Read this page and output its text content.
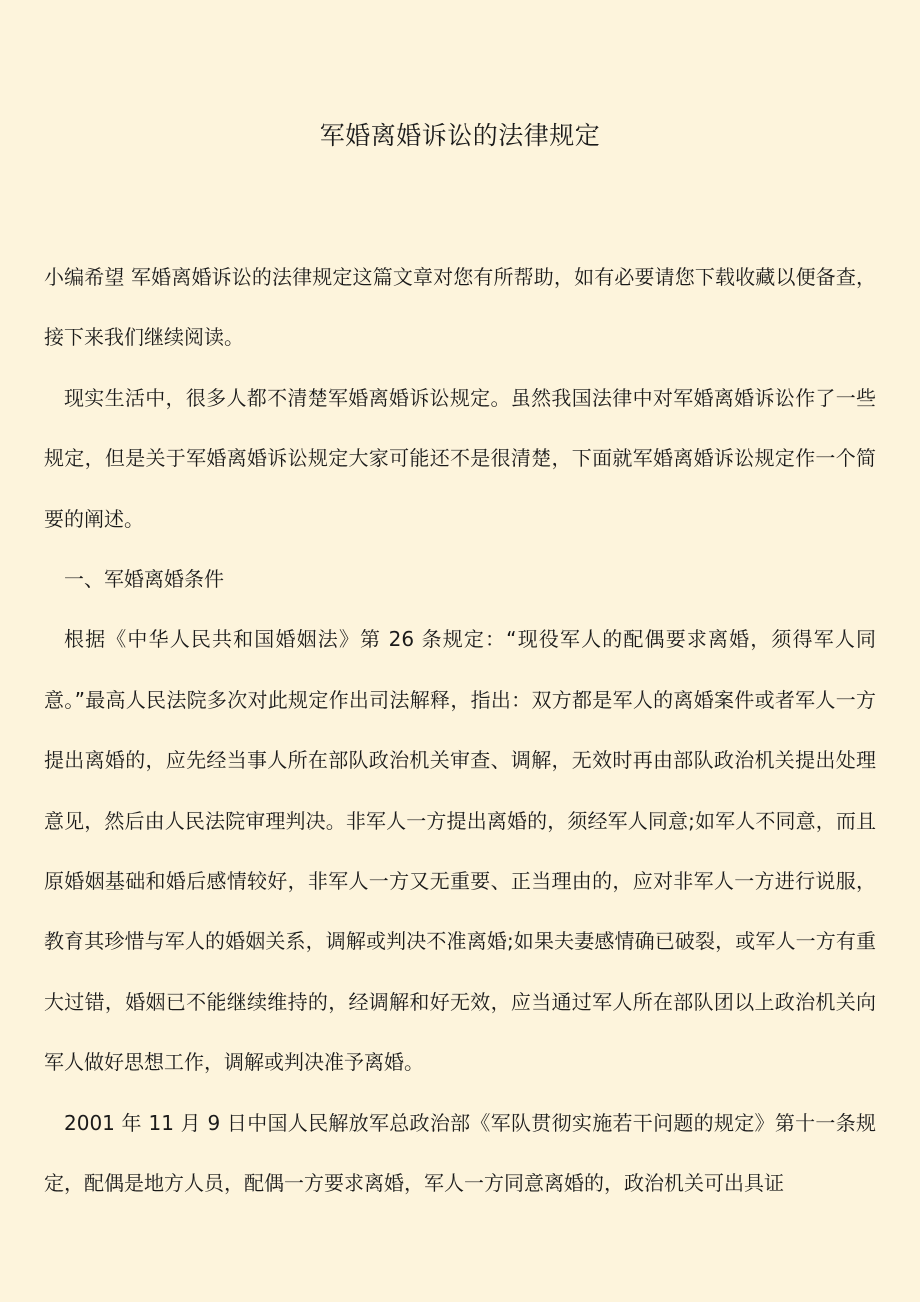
军婚离婚诉讼的法律规定

小编希望 军婚离婚诉讼的法律规定这篇文章对您有所帮助，如有必要请您下载收藏以便备查，接下来我们继续阅读。

现实生活中，很多人都不清楚军婚离婚诉讼规定。虽然我国法律中对军婚离婚诉讼作了一些规定，但是关于军婚离婚诉讼规定大家可能还不是很清楚，下面就军婚离婚诉讼规定作一个简要的阐述。

一、军婚离婚条件

根据《中华人民共和国婚姻法》第 26 条规定：“现役军人的配偶要求离婚，须得军人同意。”最高人民法院多次对此规定作出司法解释，指出：双方都是军人的离婚案件或者军人一方提出离婚的，应先经当事人所在部队政治机关审查、调解，无效时再由部队政治机关提出处理意见，然后由人民法院审理判决。非军人一方提出离婚的，须经军人同意;如军人不同意，而且原婚姻基础和婚后感情较好，非军人一方又无重要、正当理由的，应对非军人一方进行说服，教育其珍惜与军人的婚姻关系，调解或判决不准离婚;如果夫妻感情确已破裂，或军人一方有重大过错，婚姻已不能继续维持的，经调解和好无效，应当通过军人所在部队团以上政治机关向军人做好思想工作，调解或判决准予离婚。

2001 年 11 月 9 日中国人民解放军总政治部《军队贯彻实施若干问题的规定》第十一条规定，配偶是地方人员，配偶一方要求离婚，军人一方同意离婚的，政治机关可出具证
